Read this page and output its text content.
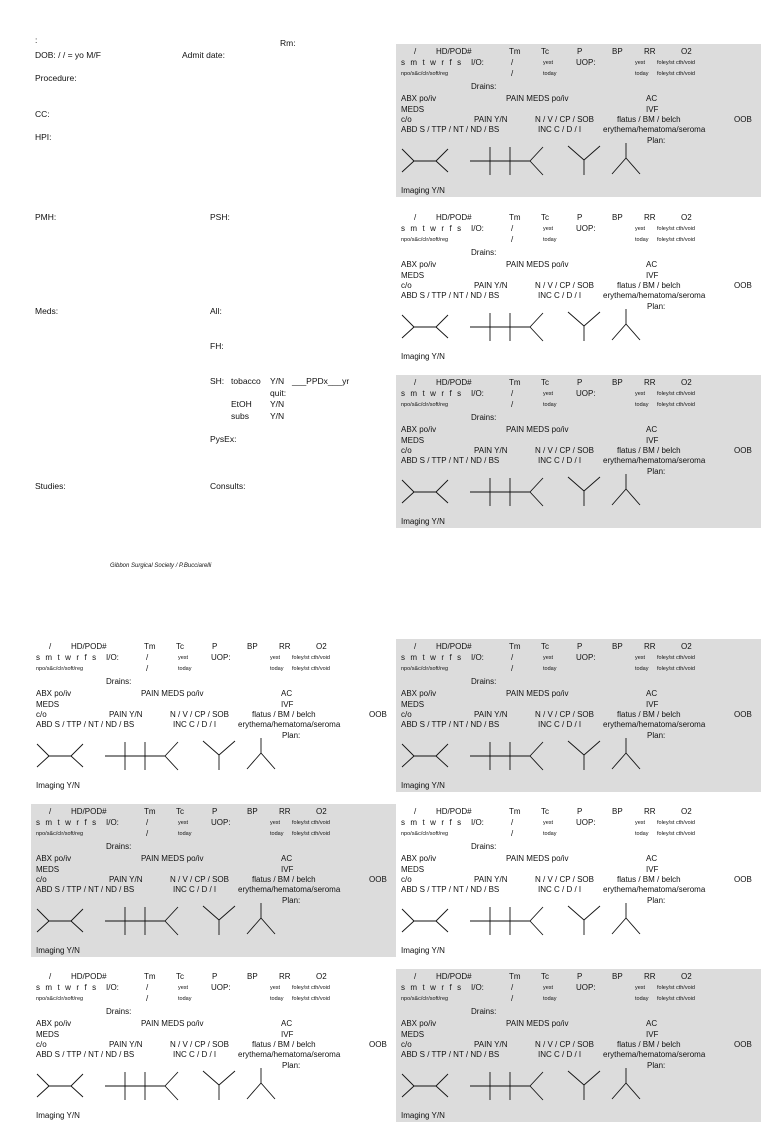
:	Rm:
DOB: / / = yo M/F	Admit date:
Procedure:
CC:
HPI:
PMH:	PSH:
Meds:	All:
FH:
SH: tobacco Y/N ___PPDx___yr
quit:
EtOH Y/N
subs Y/N
PysEx:
Studies:	Consults:
Gibbon Surgical Society / P.Bucciarelli
/ HD/POD#	Tm	Tc	P	BP	RR	O2
s m t w r f s I/O:	/	yest	UOP:	yest foley/st cth/void
npo/s&c/clr/soft/reg	/	today	today foley/st cth/void
Drains:
ABX po/iv	PAIN MEDS po/iv	AC
MEDS	IVF
c/o	PAIN Y/N	N / V / CP / SOB	flatus / BM / belch	OOB
ABD S / TTP / NT / ND / BS	INC C / D / I	erythema/hematoma/seroma
Plan:
Imaging Y/N
/ HD/POD#	Tm	Tc	P	BP	RR	O2
s m t w r f s I/O:	/	yest	UOP:	yest foley/st cth/void
npo/s&c/clr/soft/reg	/	today	today foley/st cth/void
Drains:
ABX po/iv	PAIN MEDS po/iv	AC
MEDS	IVF
c/o	PAIN Y/N	N / V / CP / SOB	flatus / BM / belch	OOB
ABD S / TTP / NT / ND / BS	INC C / D / I	erythema/hematoma/seroma
Plan:
Imaging Y/N
/ HD/POD#	Tm	Tc	P	BP	RR	O2
s m t w r f s I/O:	/	yest	UOP:	yest foley/st cth/void
npo/s&c/clr/soft/reg	/	today	today foley/st cth/void
Drains:
ABX po/iv	PAIN MEDS po/iv	AC
MEDS	IVF
c/o	PAIN Y/N	N / V / CP / SOB	flatus / BM / belch	OOB
ABD S / TTP / NT / ND / BS	INC C / D / I	erythema/hematoma/seroma
Plan:
Imaging Y/N
/ HD/POD#	Tm	Tc	P	BP	RR	O2
s m t w r f s I/O:	/	yest	UOP:	yest foley/st cth/void
npo/s&c/clr/soft/reg	/	today	today foley/st cth/void
Drains:
ABX po/iv	PAIN MEDS po/iv	AC
MEDS	IVF
c/o	PAIN Y/N	N / V / CP / SOB	flatus / BM / belch	OOB
ABD S / TTP / NT / ND / BS	INC C / D / I	erythema/hematoma/seroma
Plan:
Imaging Y/N
/ HD/POD#	Tm	Tc	P	BP	RR	O2
s m t w r f s I/O:	/	yest	UOP:	yest foley/st cth/void
npo/s&c/clr/soft/reg	/	today	today foley/st cth/void
Drains:
ABX po/iv	PAIN MEDS po/iv	AC
MEDS	IVF
c/o	PAIN Y/N	N / V / CP / SOB	flatus / BM / belch	OOB
ABD S / TTP / NT / ND / BS	INC C / D / I	erythema/hematoma/seroma
Plan:
Imaging Y/N
/ HD/POD#	Tm	Tc	P	BP	RR	O2
s m t w r f s I/O:	/	yest	UOP:	yest foley/st cth/void
npo/s&c/clr/soft/reg	/	today	today foley/st cth/void
Drains:
ABX po/iv	PAIN MEDS po/iv	AC
MEDS	IVF
c/o	PAIN Y/N	N / V / CP / SOB	flatus / BM / belch	OOB
ABD S / TTP / NT / ND / BS	INC C / D / I	erythema/hematoma/seroma
Plan:
Imaging Y/N
/ HD/POD#	Tm	Tc	P	BP	RR	O2
s m t w r f s I/O:	/	yest	UOP:	yest foley/st cth/void
npo/s&c/clr/soft/reg	/	today	today foley/st cth/void
Drains:
ABX po/iv	PAIN MEDS po/iv	AC
MEDS	IVF
c/o	PAIN Y/N	N / V / CP / SOB	flatus / BM / belch	OOB
ABD S / TTP / NT / ND / BS	INC C / D / I	erythema/hematoma/seroma
Plan:
Imaging Y/N
/ HD/POD#	Tm	Tc	P	BP	RR	O2
s m t w r f s I/O:	/	yest	UOP:	yest foley/st cth/void
npo/s&c/clr/soft/reg	/	today	today foley/st cth/void
Drains:
ABX po/iv	PAIN MEDS po/iv	AC
MEDS	IVF
c/o	PAIN Y/N	N / V / CP / SOB	flatus / BM / belch	OOB
ABD S / TTP / NT / ND / BS	INC C / D / I	erythema/hematoma/seroma
Plan:
Imaging Y/N
/ HD/POD#	Tm	Tc	P	BP	RR	O2
s m t w r f s I/O:	/	yest	UOP:	yest foley/st cth/void
npo/s&c/clr/soft/reg	/	today	today foley/st cth/void
Drains:
ABX po/iv	PAIN MEDS po/iv	AC
MEDS	IVF
c/o	PAIN Y/N	N / V / CP / SOB	flatus / BM / belch	OOB
ABD S / TTP / NT / ND / BS	INC C / D / I	erythema/hematoma/seroma
Plan:
Imaging Y/N
